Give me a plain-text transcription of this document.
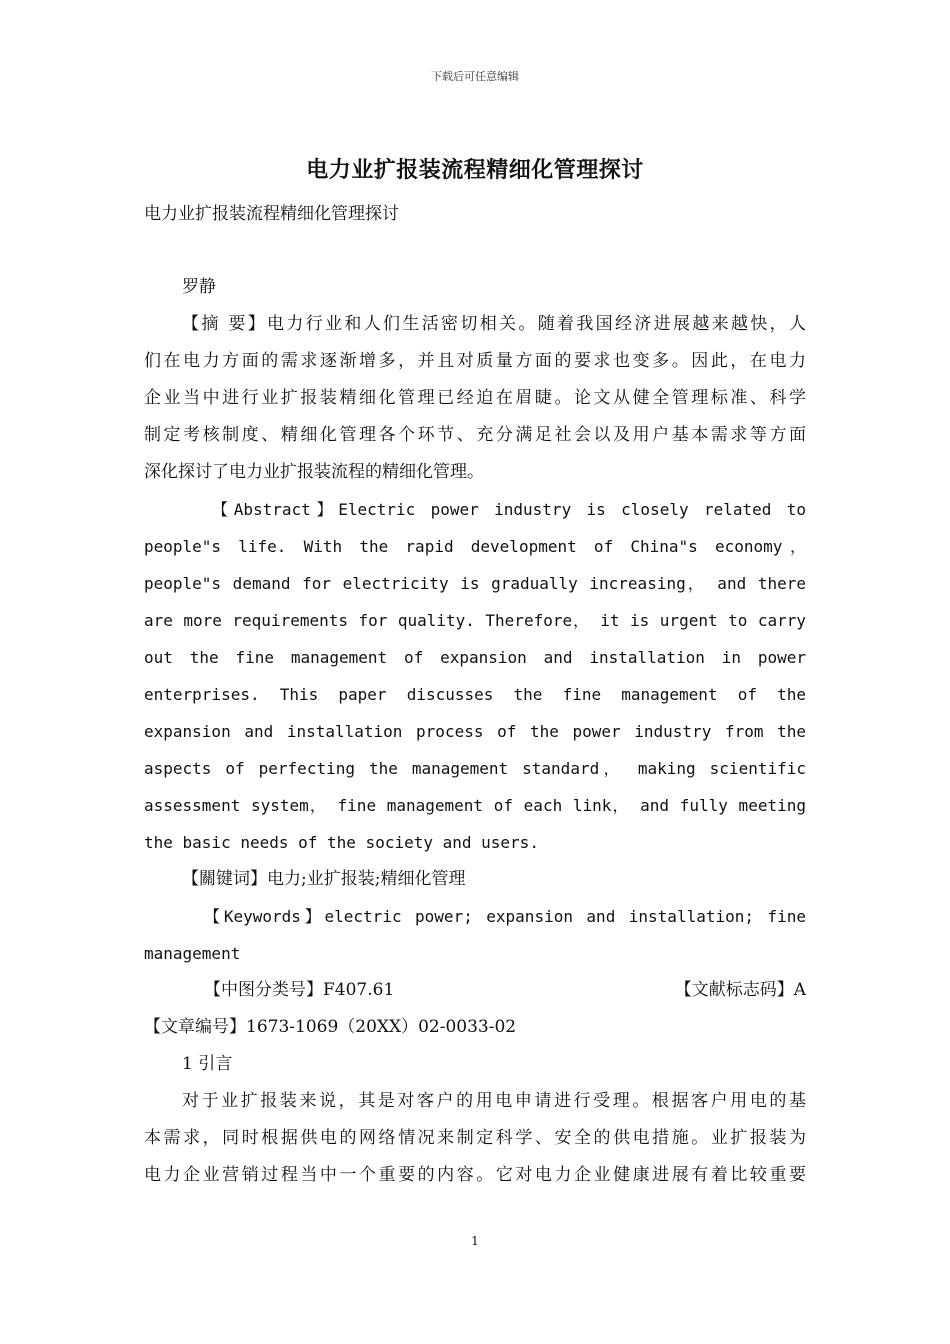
下载后可任意编辑
电力业扩报装流程精细化管理探讨
电力业扩报装流程精细化管理探讨
罗静
【摘 要】电力行业和人们生活密切相关。随着我国经济进展越来越快，人
们在电力方面的需求逐渐增多，并且对质量方面的要求也变多。因此，在电力
企业当中进行业扩报装精细化管理已经迫在眉睫。论文从健全管理标准、科学
制定考核制度、精细化管理各个环节、充分满足社会以及用户基本需求等方面
深化探讨了电力业扩报装流程的精细化管理。
【Abstract】Electric power industry is closely related to
people"s life. With the rapid development of China"s economy，
people"s demand for electricity is gradually increasing， and there
are more requirements for quality. Therefore， it is urgent to carry
out the fine management of expansion and installation in power
enterprises. This paper discusses the fine management of the
expansion and installation process of the power industry from the
aspects of perfecting the management standard， making scientific
assessment system， fine management of each link， and fully meeting
the basic needs of the society and users.
【關键词】电力;业扩报装;精细化管理
【Keywords】electric power; expansion and installation; fine
management
【中图分类号】F407.61	【文献标志码】A
【文章编号】1673-1069（20XX）02-0033-02
1 引言
对于业扩报装来说，其是对客户的用电申请进行受理。根据客户用电的基
本需求，同时根据供电的网络情况来制定科学、安全的供电措施。业扩报装为
电力企业营销过程当中一个重要的内容。它对电力企业健康进展有着比较重要
1
